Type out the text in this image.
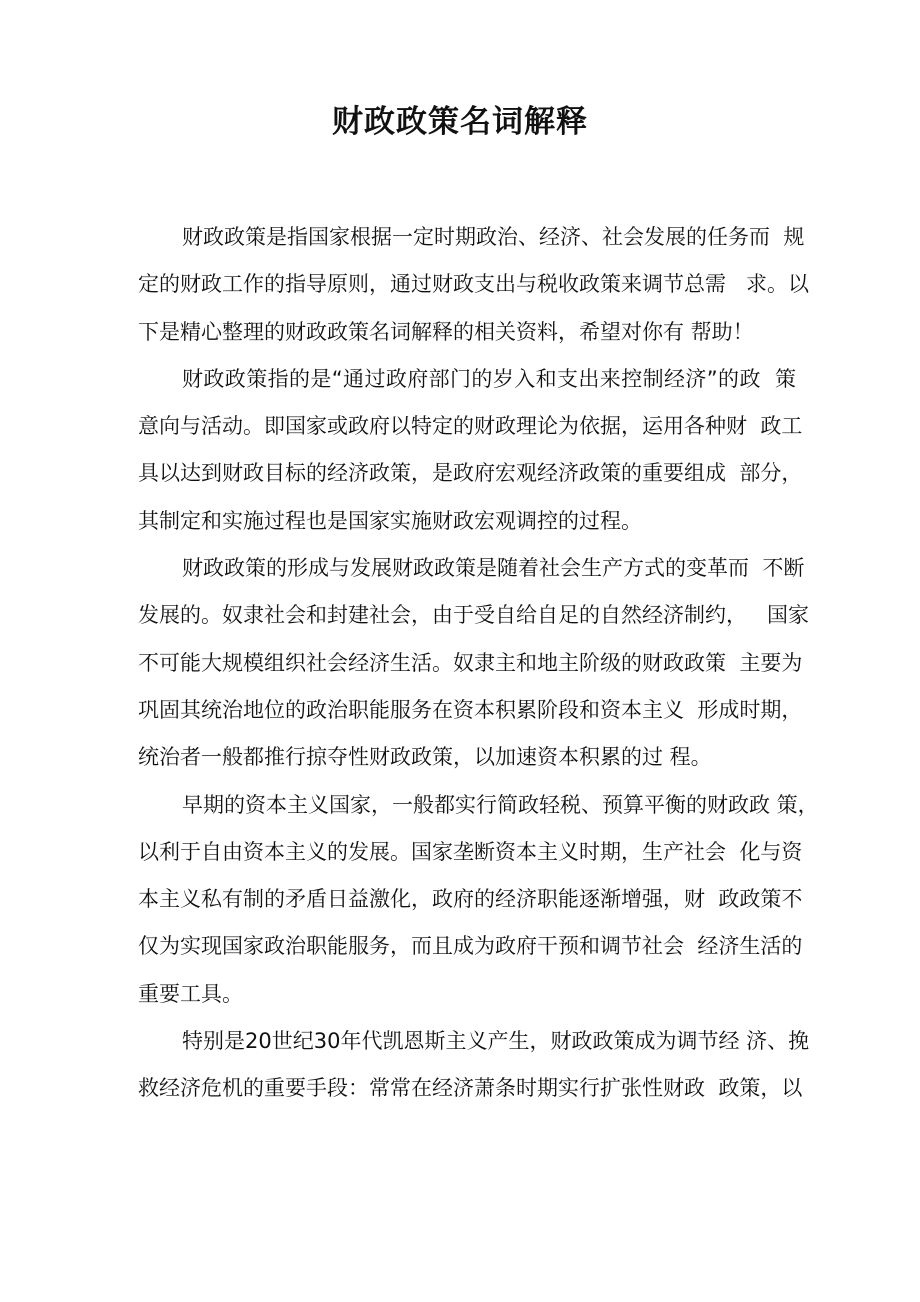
财政政策名词解释
财政政策是指国家根据一定时期政治、经济、社会发展的任务而  规
定的财政工作的指导原则，通过财政支出与税收政策来调节总需   求。以
下是精心整理的财政政策名词解释的相关资料，希望对你有 帮助！
财政政策指的是“通过政府部门的岁入和支出来控制经济”的政  策
意向与活动。即国家或政府以特定的财政理论为依据，运用各种财  政工
具以达到财政目标的经济政策，是政府宏观经济政策的重要组成  部分，
其制定和实施过程也是国家实施财政宏观调控的过程。
财政政策的形成与发展财政政策是随着社会生产方式的变革而  不断
发展的。奴隶社会和封建社会，由于受自给自足的自然经济制约，   国家
不可能大规模组织社会经济生活。奴隶主和地主阶级的财政政策  主要为
巩固其统治地位的政治职能服务在资本积累阶段和资本主义  形成时期，
统治者一般都推行掠夺性财政政策，以加速资本积累的过 程。
早期的资本主义国家，一般都实行简政轻税、预算平衡的财政政 策，
以利于自由资本主义的发展。国家垄断资本主义时期，生产社会  化与资
本主义私有制的矛盾日益激化，政府的经济职能逐渐增强，财  政政策不
仅为实现国家政治职能服务，而且成为政府干预和调节社会  经济生活的
重要工具。
特别是20世纪30年代凯恩斯主义产生，财政政策成为调节经 济、挽
救经济危机的重要手段：常常在经济萧条时期实行扩张性财政  政策，以
